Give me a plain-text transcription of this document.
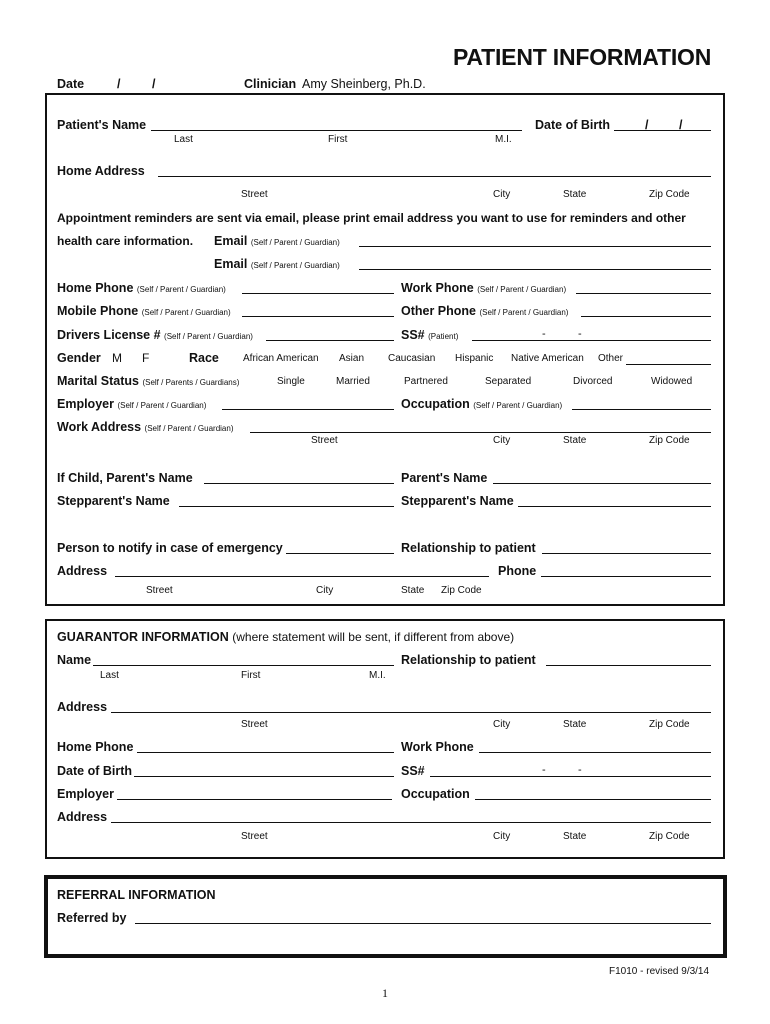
PATIENT INFORMATION
Date	/	/	Clinician Amy Sheinberg, Ph.D.
Patient's Name
Last	First	M.I.
Date of Birth	/ /
Home Address
Street	City	State	Zip Code
Appointment reminders are sent via email, please print email address you want to use for reminders and other
health care information. Email (Self / Parent / Guardian)
Email (Self / Parent / Guardian)
Home Phone (Self / Parent / Guardian)	Work Phone (Self / Parent / Guardian)
Mobile Phone (Self / Parent / Guardian)	Other Phone (Self / Parent / Guardian)
Drivers License # (Self / Parent / Guardian)	SS# (Patient)	-	-
Gender M F	Race African American Asian Caucasian Hispanic Native American Other
Marital Status (Self / Parents / Guardians)	Single	Married	Partnered	Separated	Divorced	Widowed
Employer (Self / Parent / Guardian)	Occupation (Self / Parent / Guardian)
Work Address (Self / Parent / Guardian)
Street	City	State	Zip Code
If Child, Parent's Name	Parent's Name
Stepparent's Name	Stepparent's Name
Person to notify in case of emergency	Relationship to patient
Address	Phone
Street	City	State Zip Code
GUARANTOR INFORMATION (where statement will be sent, if different from above)
Name	Relationship to patient
Last	First	M.I.
Address
Street	City	State	Zip Code
Home Phone	Work Phone
Date of Birth	SS#	-	-
Employer	Occupation
Address
Street	City	State	Zip Code
REFERRAL INFORMATION
Referred by
F1010 - revised 9/3/14
1
